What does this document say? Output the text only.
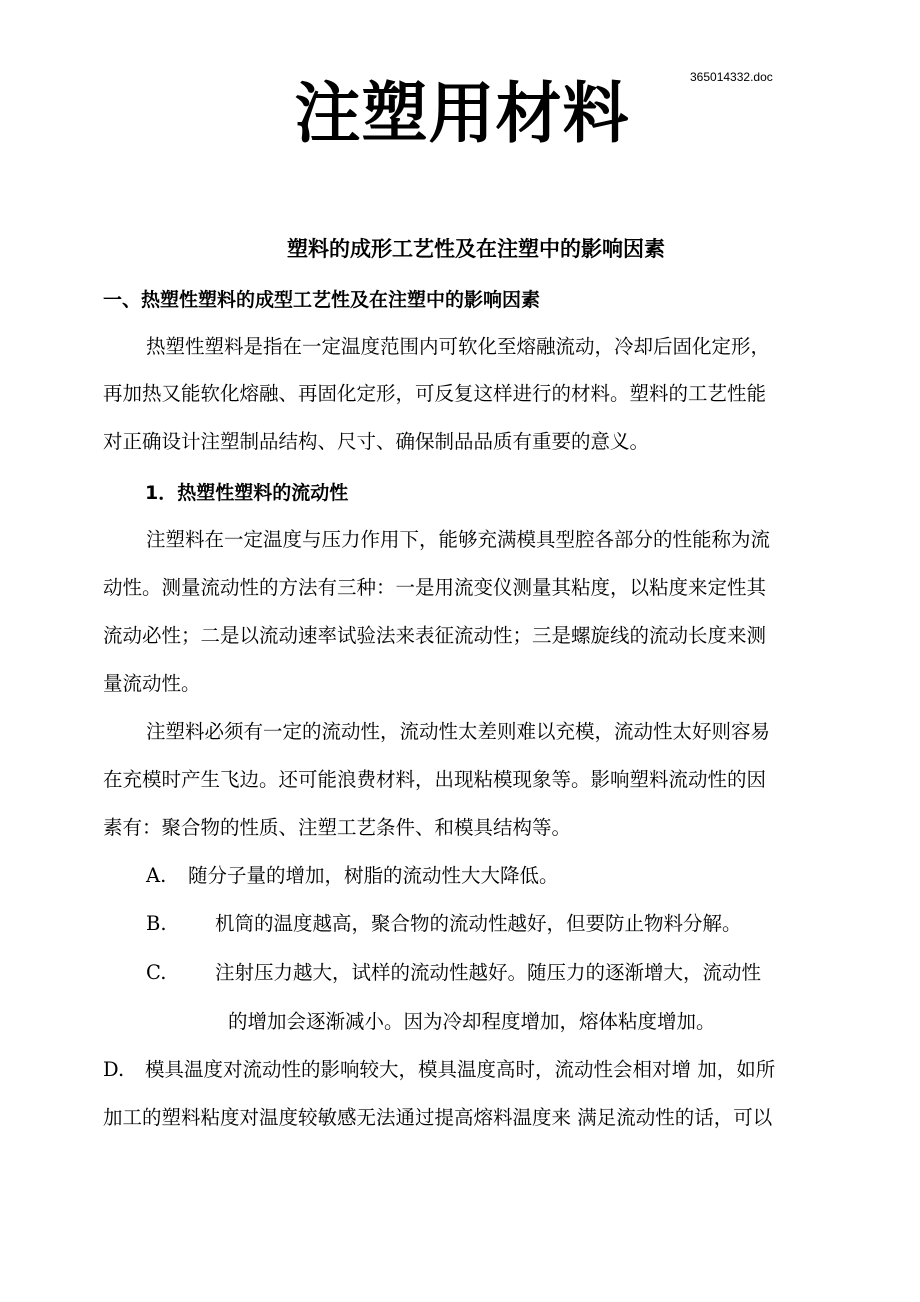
365014332.doc
注塑用材料
塑料的成形工艺性及在注塑中的影响因素
一、热塑性塑料的成型工艺性及在注塑中的影响因素
热塑性塑料是指在一定温度范围内可软化至熔融流动，冷却后固化定形，
再加热又能软化熔融、再固化定形，可反复这样进行的材料。塑料的工艺性能
对正确设计注塑制品结构、尺寸、确保制品品质有重要的意义。
1．热塑性塑料的流动性
注塑料在一定温度与压力作用下，能够充满模具型腔各部分的性能称为流
动性。测量流动性的方法有三种：一是用流变仪测量其粘度，以粘度来定性其
流动必性；二是以流动速率试验法来表征流动性；三是螺旋线的流动长度来测
量流动性。
注塑料必须有一定的流动性，流动性太差则难以充模，流动性太好则容易
在充模时产生飞边。还可能浪费材料，出现粘模现象等。影响塑料流动性的因
素有：聚合物的性质、注塑工艺条件、和模具结构等。
A. 随分子量的增加，树脂的流动性大大降低。
B. 机筒的温度越高，聚合物的流动性越好，但要防止物料分解。
C. 注射压力越大，试样的流动性越好。随压力的逐渐增大，流动性
的增加会逐渐减小。因为冷却程度增加，熔体粘度增加。
D. 模具温度对流动性的影响较大，模具温度高时，流动性会相对增 加，如所
加工的塑料粘度对温度较敏感无法通过提高熔料温度来 满足流动性的话，可以
